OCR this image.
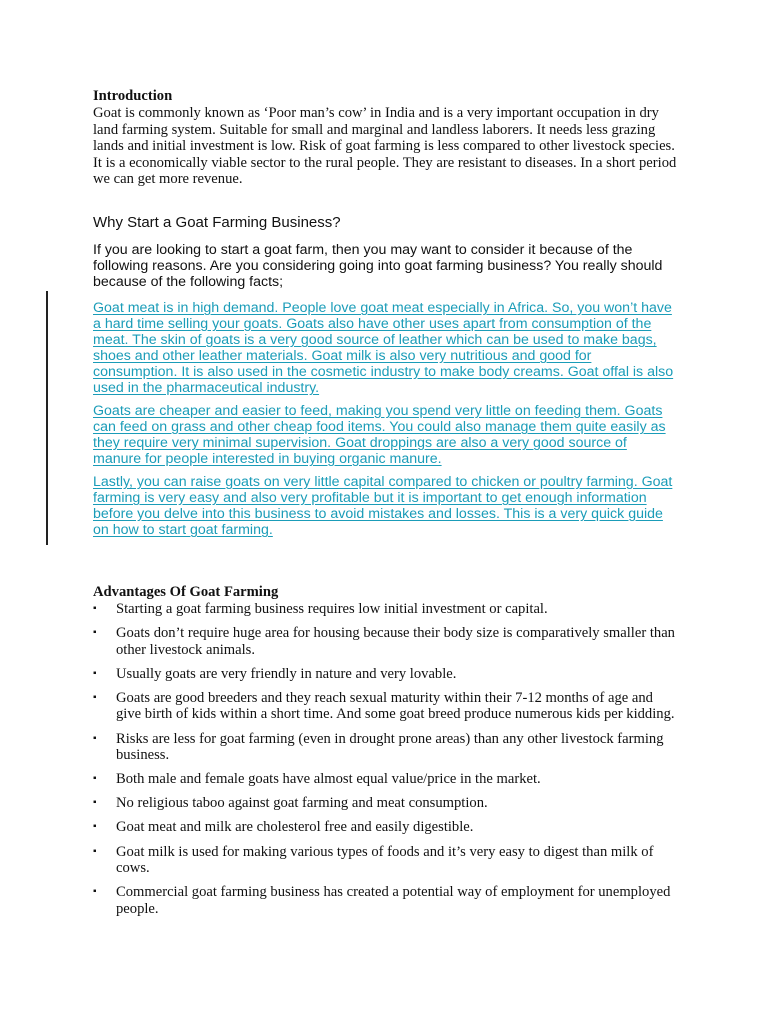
Introduction

Goat is commonly known as ‘Poor man’s cow’ in India and is a very important occupation in dry land farming system. Suitable for small and marginal and landless laborers. It needs less grazing lands and initial investment is low. Risk of goat farming is less compared to other livestock species. It is a economically viable sector to the rural people. They are resistant to diseases. In a short period we can get more revenue.

Why Start a Goat Farming Business?

If you are looking to start a goat farm, then you may want to consider it because of the following reasons. Are you considering going into goat farming business? You really should because of the following facts;

Goat meat is in high demand. People love goat meat especially in Africa. So, you won’t have a hard time selling your goats. Goats also have other uses apart from consumption of the meat. The skin of goats is a very good source of leather which can be used to make bags, shoes and other leather materials. Goat milk is also very nutritious and good for consumption. It is also used in the cosmetic industry to make body creams. Goat offal is also used in the pharmaceutical industry.

Goats are cheaper and easier to feed, making you spend very little on feeding them. Goats can feed on grass and other cheap food items. You could also manage them quite easily as they require very minimal supervision. Goat droppings are also a very good source of manure for people interested in buying organic manure.

Lastly, you can raise goats on very little capital compared to chicken or poultry farming. Goat farming is very easy and also very profitable but it is important to get enough information before you delve into this business to avoid mistakes and losses. This is a very quick guide on how to start goat farming.

Advantages Of Goat Farming
▪ Starting a goat farming business requires low initial investment or capital.
▪ Goats don’t require huge area for housing because their body size is comparatively smaller than other livestock animals.
▪ Usually goats are very friendly in nature and very lovable.
▪ Goats are good breeders and they reach sexual maturity within their 7-12 months of age and give birth of kids within a short time. And some goat breed produce numerous kids per kidding.
▪ Risks are less for goat farming (even in drought prone areas) than any other livestock farming business.
▪ Both male and female goats have almost equal value/price in the market.
▪ No religious taboo against goat farming and meat consumption.
▪ Goat meat and milk are cholesterol free and easily digestible.
▪ Goat milk is used for making various types of foods and it’s very easy to digest than milk of cows.
▪ Commercial goat farming business has created a potential way of employment for unemployed people.
